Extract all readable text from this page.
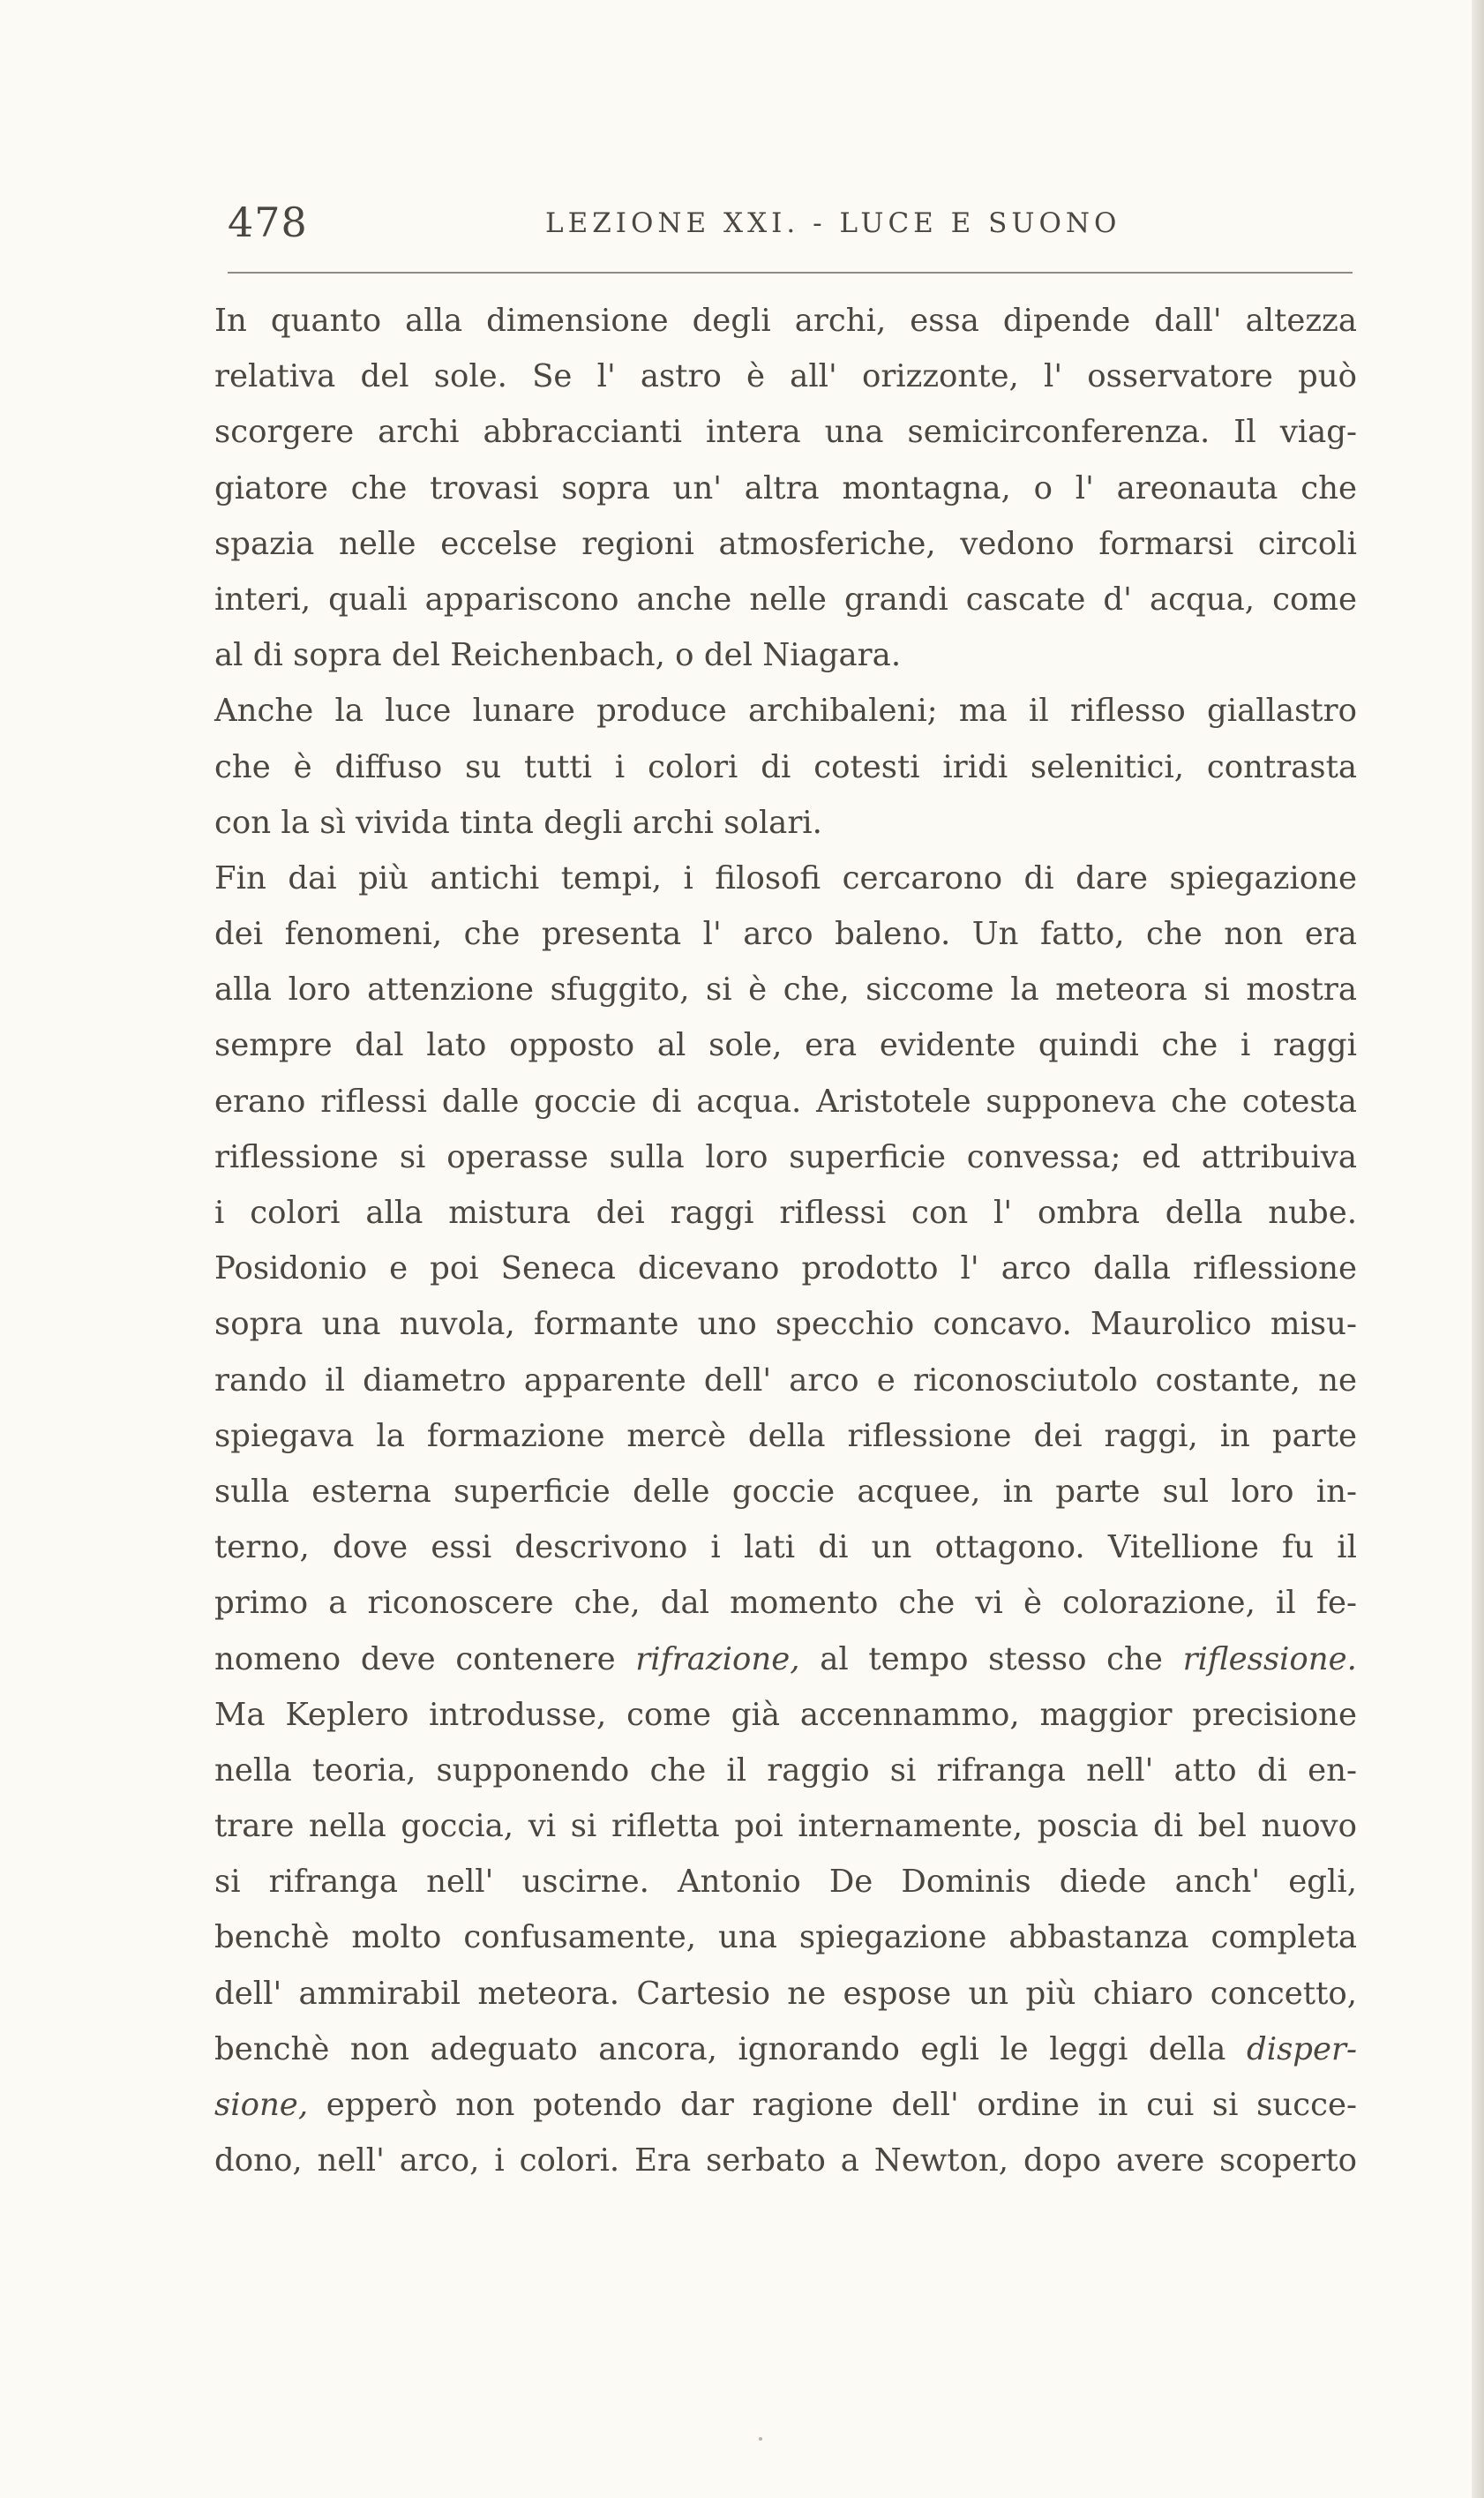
478	LEZIONE XXI. - LUCE E SUONO
In quanto alla dimensione degli archi, essa dipende dall' altezza
relativa del sole. Se l' astro è all' orizzonte, l' osservatore può
scorgere archi abbraccianti intera una semicirconferenza. Il viag-
giatore che trovasi sopra un' altra montagna, o l' areonauta che
spazia nelle eccelse regioni atmosferiche, vedono formarsi circoli
interi, quali appariscono anche nelle grandi cascate d' acqua, come
al di sopra del Reichenbach, o del Niagara.
Anche la luce lunare produce archibaleni; ma il riflesso giallastro
che è diffuso su tutti i colori di cotesti iridi selenitici, contrasta
con la sì vivida tinta degli archi solari.
Fin dai più antichi tempi, i filosofi cercarono di dare spiegazione
dei fenomeni, che presenta l' arco baleno. Un fatto, che non era
alla loro attenzione sfuggito, si è che, siccome la meteora si mostra
sempre dal lato opposto al sole, era evidente quindi che i raggi
erano riflessi dalle goccie di acqua. Aristotele supponeva che cotesta
riflessione si operasse sulla loro superficie convessa; ed attribuiva
i colori alla mistura dei raggi riflessi con l' ombra della nube.
Posidonio e poi Seneca dicevano prodotto l' arco dalla riflessione
sopra una nuvola, formante uno specchio concavo. Maurolico misu-
rando il diametro apparente dell' arco e riconosciutolo costante, ne
spiegava la formazione mercè della riflessione dei raggi, in parte
sulla esterna superficie delle goccie acquee, in parte sul loro in-
terno, dove essi descrivono i lati di un ottagono. Vitellione fu il
primo a riconoscere che, dal momento che vi è colorazione, il fe-
nomeno deve contenere rifrazione, al tempo stesso che riflessione.
Ma Keplero introdusse, come già accennammo, maggior precisione
nella teoria, supponendo che il raggio si rifranga nell' atto di en-
trare nella goccia, vi si rifletta poi internamente, poscia di bel nuovo
si rifranga nell' uscirne. Antonio De Dominis diede anch' egli,
benchè molto confusamente, una spiegazione abbastanza completa
dell' ammirabil meteora. Cartesio ne espose un più chiaro concetto,
benchè non adeguato ancora, ignorando egli le leggi della disper-
sione, epperò non potendo dar ragione dell' ordine in cui si succe-
dono, nell' arco, i colori. Era serbato a Newton, dopo avere scoperto
